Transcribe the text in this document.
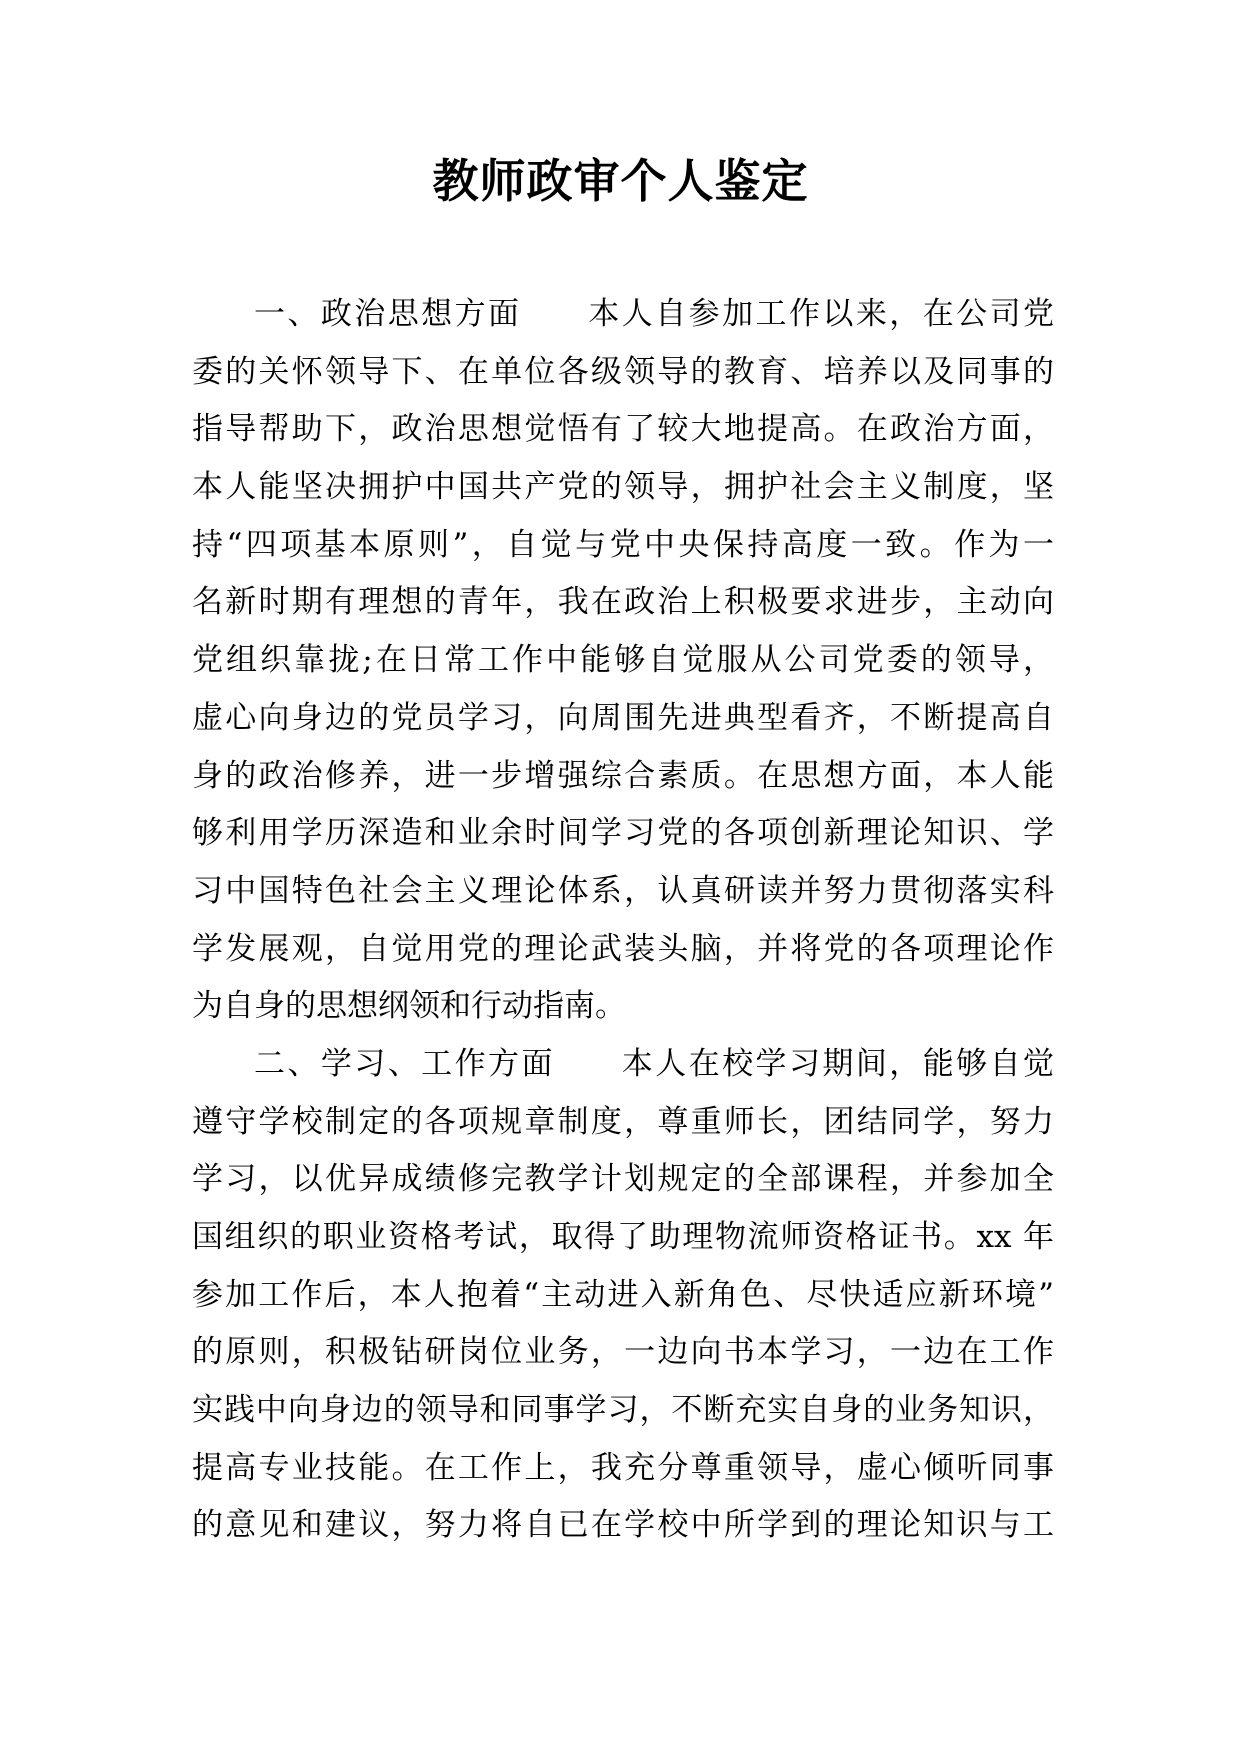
教师政审个人鉴定
一、政治思想方面　　本人自参加工作以来，在公司党
委的关怀领导下、在单位各级领导的教育、培养以及同事的
指导帮助下，政治思想觉悟有了较大地提高。在政治方面，
本人能坚决拥护中国共产党的领导，拥护社会主义制度，坚
持“四项基本原则”，自觉与党中央保持高度一致。作为一
名新时期有理想的青年，我在政治上积极要求进步，主动向
党组织靠拢;在日常工作中能够自觉服从公司党委的领导，
虚心向身边的党员学习，向周围先进典型看齐，不断提高自
身的政治修养，进一步增强综合素质。在思想方面，本人能
够利用学历深造和业余时间学习党的各项创新理论知识、学
习中国特色社会主义理论体系，认真研读并努力贯彻落实科
学发展观，自觉用党的理论武装头脑，并将党的各项理论作
为自身的思想纲领和行动指南。
二、学习、工作方面　　本人在校学习期间，能够自觉
遵守学校制定的各项规章制度，尊重师长，团结同学，努力
学习，以优异成绩修完教学计划规定的全部课程，并参加全
国组织的职业资格考试，取得了助理物流师资格证书。xx 年
参加工作后，本人抱着“主动进入新角色、尽快适应新环境”
的原则，积极钻研岗位业务，一边向书本学习，一边在工作
实践中向身边的领导和同事学习，不断充实自身的业务知识，
提高专业技能。在工作上，我充分尊重领导，虚心倾听同事
的意见和建议，努力将自已在学校中所学到的理论知识与工
